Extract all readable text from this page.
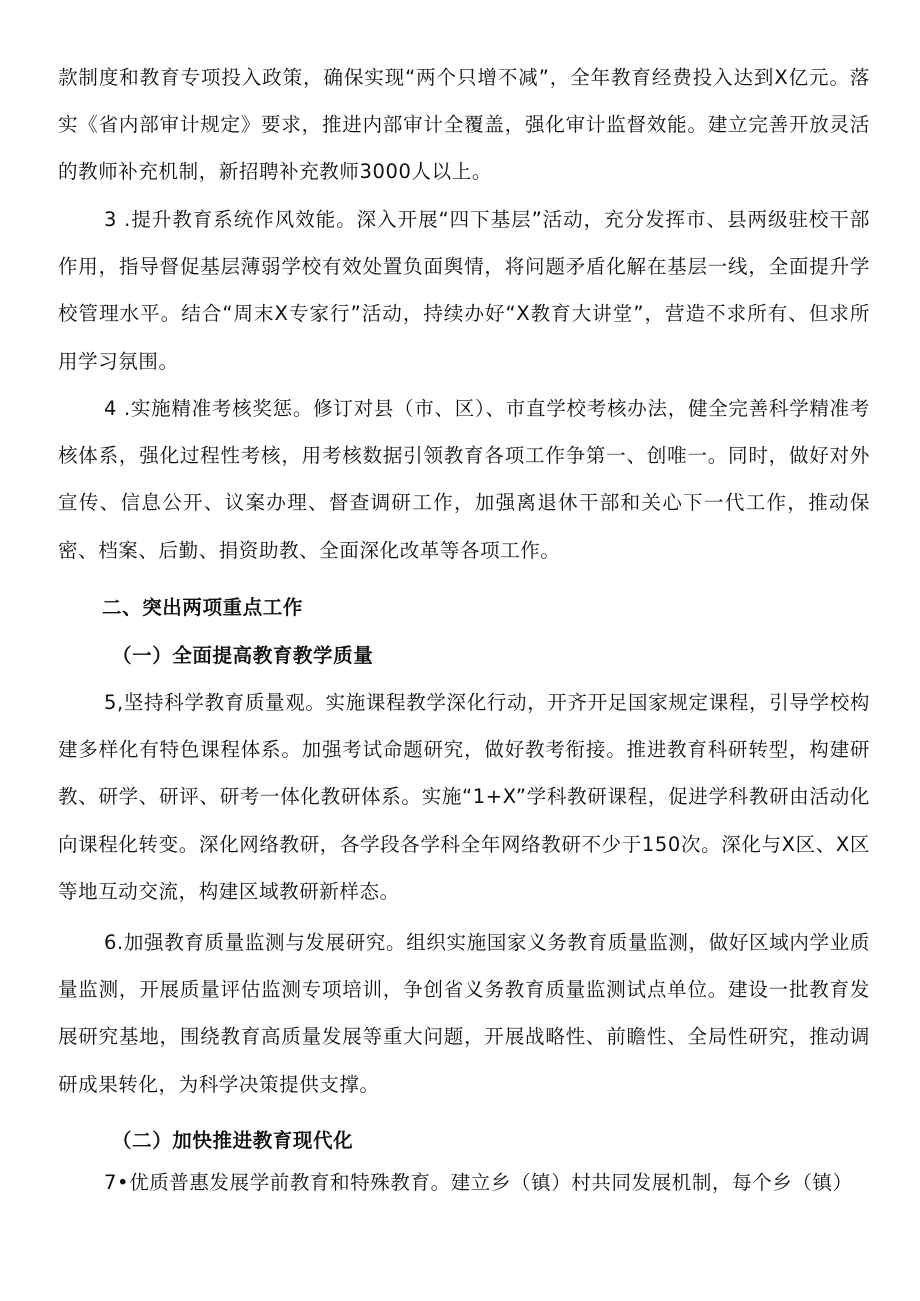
款制度和教育专项投入政策，确保实现“两个只增不减”，全年教育经费投入达到X亿元。落实《省内部审计规定》要求，推进内部审计全覆盖，强化审计监督效能。建立完善开放灵活的教师补充机制，新招聘补充教师3000人以上。

3 .提升教育系统作风效能。深入开展“四下基层”活动，充分发挥市、县两级驻校干部作用，指导督促基层薄弱学校有效处置负面舆情，将问题矛盾化解在基层一线，全面提升学校管理水平。结合“周末X专家行”活动，持续办好“X教育大讲堂”，营造不求所有、但求所用学习氛围。

4 .实施精准考核奖惩。修订对县（市、区）、市直学校考核办法，健全完善科学精准考核体系，强化过程性考核，用考核数据引领教育各项工作争第一、创唯一。同时，做好对外宣传、信息公开、议案办理、督查调研工作，加强离退休干部和关心下一代工作，推动保密、档案、后勤、捐资助教、全面深化改革等各项工作。

二、突出两项重点工作
（一）全面提高教育教学质量

5,坚持科学教育质量观。实施课程教学深化行动，开齐开足国家规定课程，引导学校构建多样化有特色课程体系。加强考试命题研究，做好教考衔接。推进教育科研转型，构建研教、研学、研评、研考一体化教研体系。实施“1+X”学科教研课程，促进学科教研由活动化向课程化转变。深化网络教研，各学段各学科全年网络教研不少于150次。深化与X区、X区等地互动交流，构建区域教研新样态。

6.加强教育质量监测与发展研究。组织实施国家义务教育质量监测，做好区域内学业质量监测，开展质量评估监测专项培训，争创省义务教育质量监测试点单位。建设一批教育发展研究基地，围绕教育高质量发展等重大问题，开展战略性、前瞻性、全局性研究，推动调研成果转化，为科学决策提供支撑。

（二）加快推进教育现代化

7•优质普惠发展学前教育和特殊教育。建立乡（镇）村共同发展机制，每个乡（镇）
